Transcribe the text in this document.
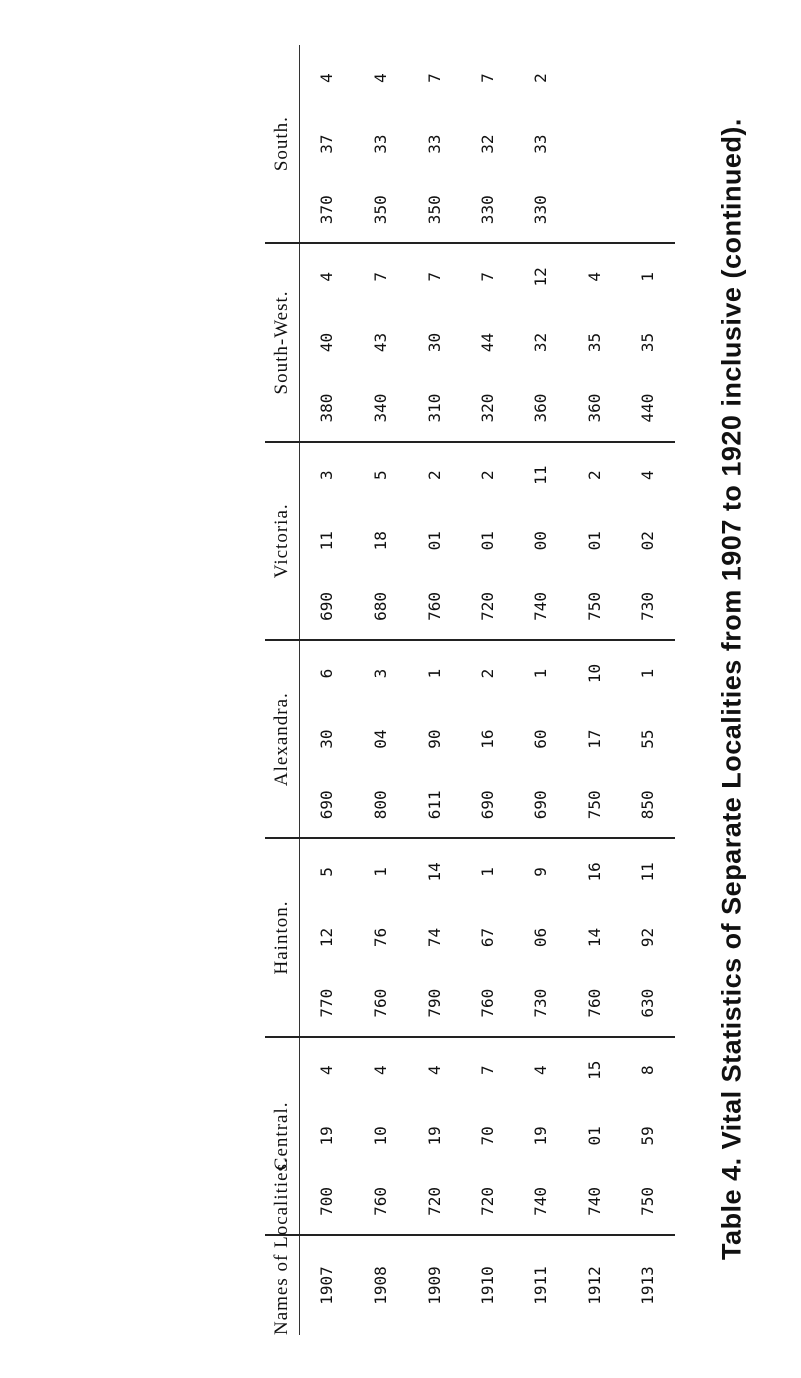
Table 4. Vital Statistics of Separate Localities from 1907 to 1920 inclusive (continued).
Names of Localities.	Central.			Hainton.			Alexandra.			Victoria.			South-West.			South.		
1907	700	19	4	770	12	5	690	30	6	690	11	3	380	40	4	370	37	4
1908	760	10	4	760	76	1	800	04	3	680	18	5	340	43	7	350	33	4
1909	720	19	4	790	74	14	611	90	1	760	01	2	310	30	7	350	33	7
1910	720	70	7	760	67	1	690	16	2	720	01	2	320	44	7	330	32	7
1911	740	19	4	730	06	9	690	60	1	740	00	11	360	32	12	330	33	2
1912	740	01	15	760	14	16	750	17	10	750	01	2	360	35	4			
1913	750	59	8	630	92	11	850	55	1	730	02	4	440	35	1			
